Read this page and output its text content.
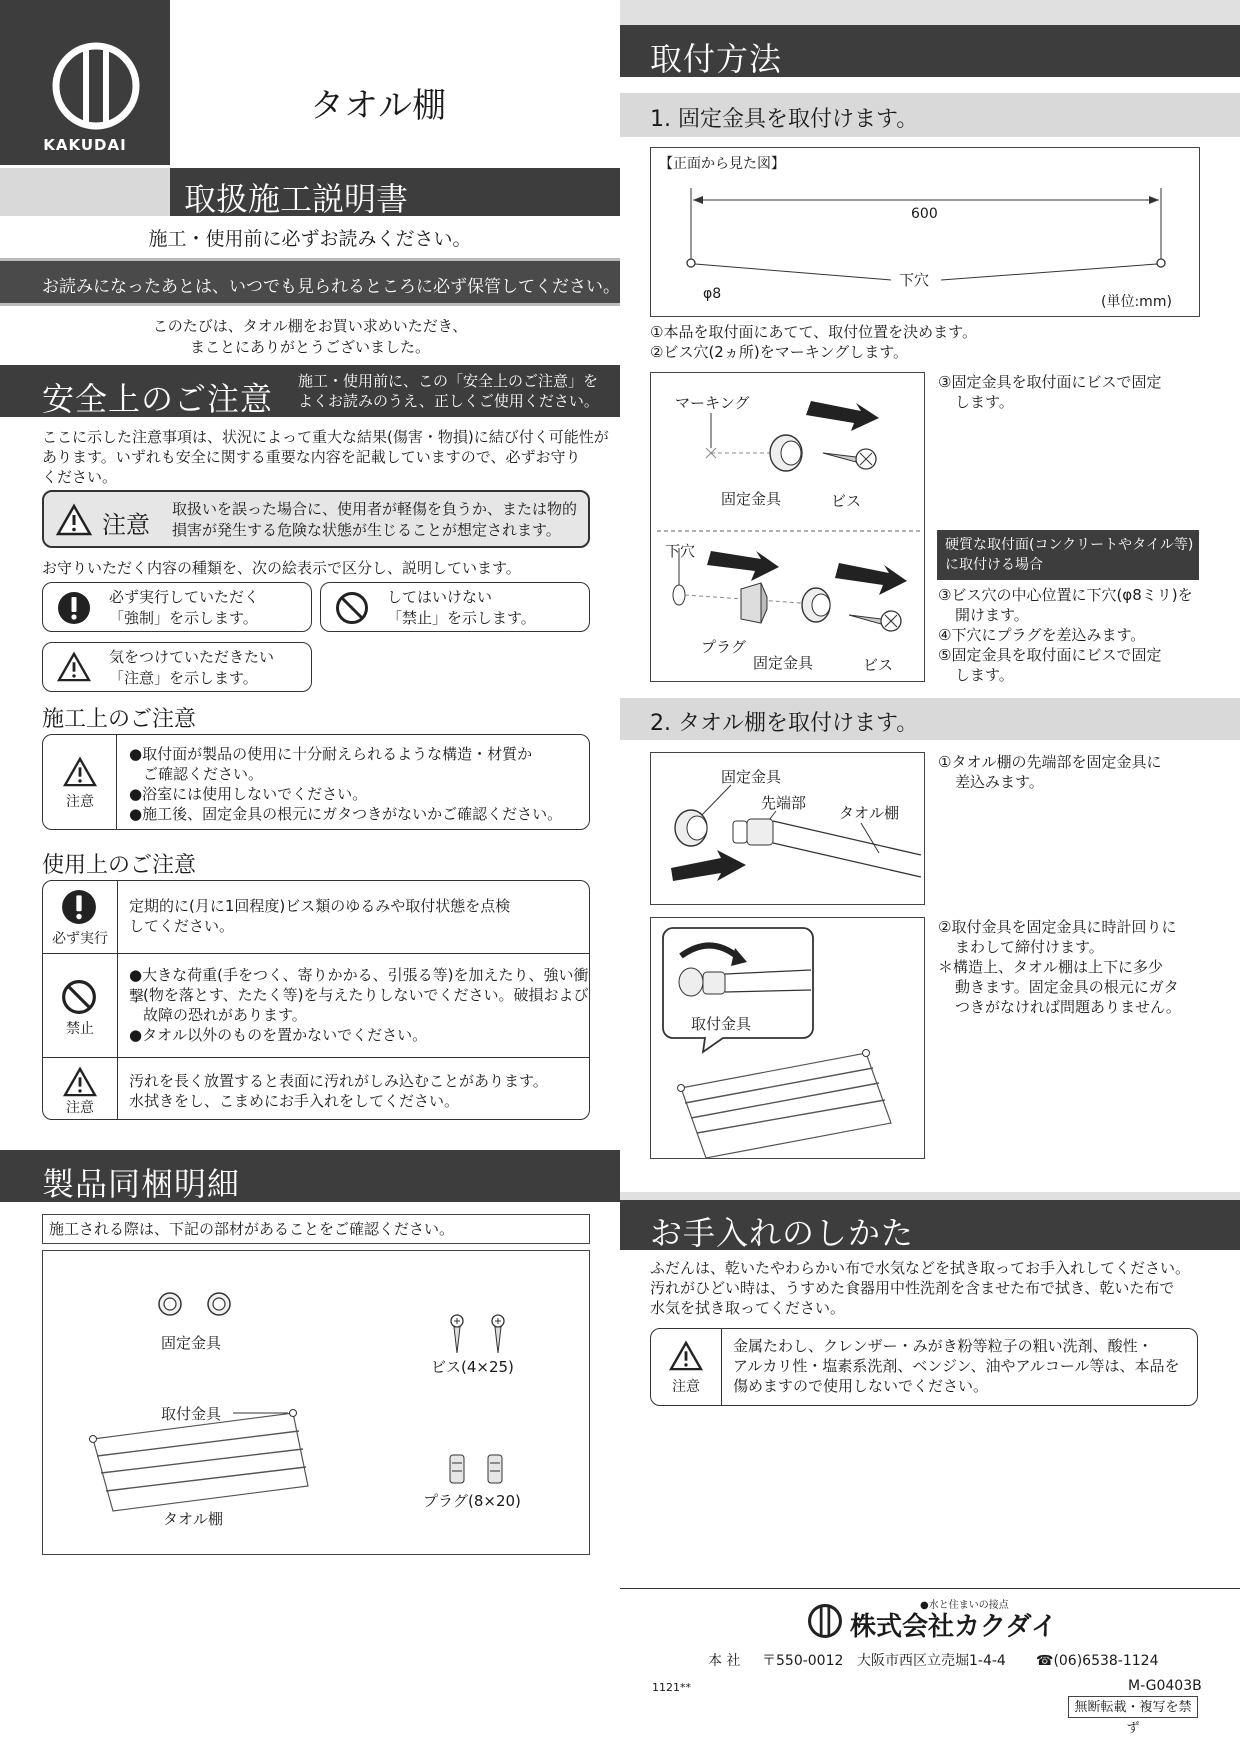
KAKUDAI
タオル棚
取扱施工説明書
施工・使用前に必ずお読みください。
お読みになったあとは、いつでも見られるところに必ず保管してください。
このたびは、タオル棚をお買い求めいただき、
まことにありがとうございました。
安全上のご注意 施工・使用前に、この「安全上のご注意」を
よくお読みのうえ、正しくご使用ください。
ここに示した注意事項は、状況によって重大な結果(傷害・物損)に結び付く可能性が
あります。いずれも安全に関する重要な内容を記載していますので、必ずお守り
ください。
注意
取扱いを誤った場合に、使用者が軽傷を負うか、または物的
損害が発生する危険な状態が生じることが想定されます。
お守りいただく内容の種類を、次の絵表示で区分し、説明しています。
必ず実行していただく
「強制」を示します。
してはいけない
「禁止」を示します。
気をつけていただきたい
「注意」を示します。
施工上のご注意
注意
●取付面が製品の使用に十分耐えられるような構造・材質か
ご確認ください。
●浴室には使用しないでください。
●施工後、固定金具の根元にガタつきがないかご確認ください。
使用上のご注意
必ず実行
定期的に(月に1回程度)ビス類のゆるみや取付状態を点検
してください。
禁止
●大きな荷重(手をつく、寄りかかる、引張る等)を加えたり、強い衝撃
(物を落とす、たたく等)を与えたりしないでください。破損および
故障の恐れがあります。
●タオル以外のものを置かないでください。
注意
汚れを長く放置すると表面に汚れがしみ込むことがあります。
水拭きをし、こまめにお手入れをしてください。
製品同梱明細
施工される際は、下記の部材があることをご確認ください。
固定金具
ビス(4×25)
取付金具
タオル棚
プラグ(8×20)
取付方法
1. 固定金具を取付けます。
【正面から見た図】
600
下穴
φ8	(単位:mm)
①本品を取付面にあてて、取付位置を決めます。
②ビス穴(2ヵ所)をマーキングします。
マーキング
固定金具	ビス
下穴
プラグ
固定金具	ビス
③固定金具を取付面にビスで固定
します。
硬質な取付面(コンクリートやタイル等)
に取付ける場合
③ビス穴の中心位置に下穴(φ8ミリ)を
開けます。
④下穴にプラグを差込みます。
⑤固定金具を取付面にビスで固定
します。
2. タオル棚を取付けます。
固定金具
先端部
タオル棚
①タオル棚の先端部を固定金具に
差込みます。
取付金具
②取付金具を固定金具に時計回りに
まわして締付けます。
＊構造上、タオル棚は上下に多少
動きます。固定金具の根元にガタ
つきがなければ問題ありません。
お手入れのしかた
ふだんは、乾いたやわらかい布で水気などを拭き取ってお手入れしてください。
汚れがひどい時は、うすめた食器用中性洗剤を含ませた布で拭き、乾いた布で
水気を拭き取ってください。
注意
金属たわし、クレンザー・みがき粉等粒子の粗い洗剤、酸性・
アルカリ性・塩素系洗剤、ベンジン、油やアルコール等は、本品を
傷めますので使用しないでください。
●水と住まいの接点
株式会社カクダイ
本 社 〒550-0012 大阪市西区立売堀1-4-4 ☎(06)6538-1124
1121**	M-G0403B
無断転載・複写を禁ず
